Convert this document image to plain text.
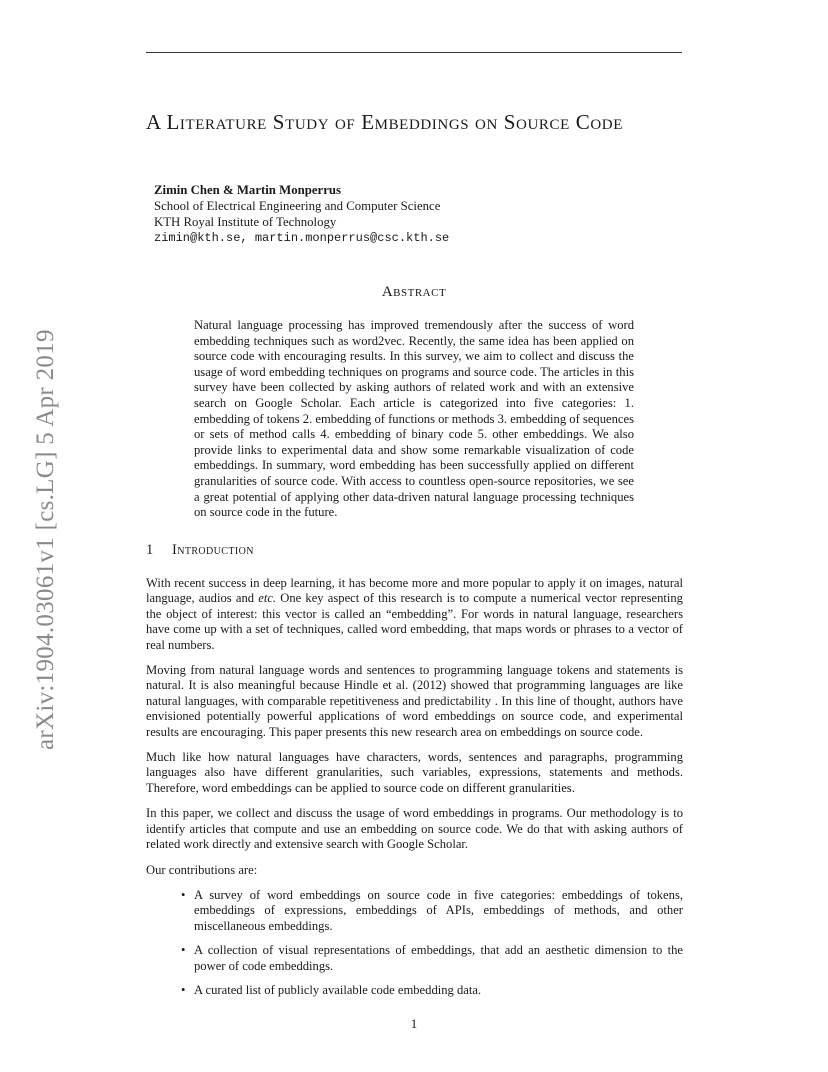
arXiv:1904.03061v1 [cs.LG] 5 Apr 2019
A Literature Study of Embeddings on Source Code
Zimin Chen & Martin Monperrus
School of Electrical Engineering and Computer Science
KTH Royal Institute of Technology
zimin@kth.se, martin.monperrus@csc.kth.se
Abstract
Natural language processing has improved tremendously after the success of word embedding techniques such as word2vec. Recently, the same idea has been applied on source code with encouraging results. In this survey, we aim to collect and discuss the usage of word embedding techniques on programs and source code. The articles in this survey have been collected by asking authors of related work and with an extensive search on Google Scholar. Each article is categorized into five categories: 1. embedding of tokens 2. embedding of functions or methods 3. embedding of sequences or sets of method calls 4. embedding of binary code 5. other embeddings. We also provide links to experimental data and show some remarkable visualization of code embeddings. In summary, word embedding has been successfully applied on different granularities of source code. With access to countless open-source repositories, we see a great potential of applying other data-driven natural language processing techniques on source code in the future.
1 Introduction

With recent success in deep learning, it has become more and more popular to apply it on images, natural language, audios and etc. One key aspect of this research is to compute a numerical vector representing the object of interest: this vector is called an “embedding”. For words in natural language, researchers have come up with a set of techniques, called word embedding, that maps words or phrases to a vector of real numbers.

Moving from natural language words and sentences to programming language tokens and statements is natural. It is also meaningful because Hindle et al. (2012) showed that programming languages are like natural languages, with comparable repetitiveness and predictability . In this line of thought, authors have envisioned potentially powerful applications of word embeddings on source code, and experimental results are encouraging. This paper presents this new research area on embeddings on source code.

Much like how natural languages have characters, words, sentences and paragraphs, programming languages also have different granularities, such variables, expressions, statements and methods. Therefore, word embeddings can be applied to source code on different granularities.

In this paper, we collect and discuss the usage of word embeddings in programs. Our methodology is to identify articles that compute and use an embedding on source code. We do that with asking authors of related work directly and extensive search with Google Scholar.

Our contributions are:

• A survey of word embeddings on source code in five categories: embeddings of tokens, embeddings of expressions, embeddings of APIs, embeddings of methods, and other miscellaneous embeddings.
• A collection of visual representations of embeddings, that add an aesthetic dimension to the power of code embeddings.
• A curated list of publicly available code embedding data.
1
